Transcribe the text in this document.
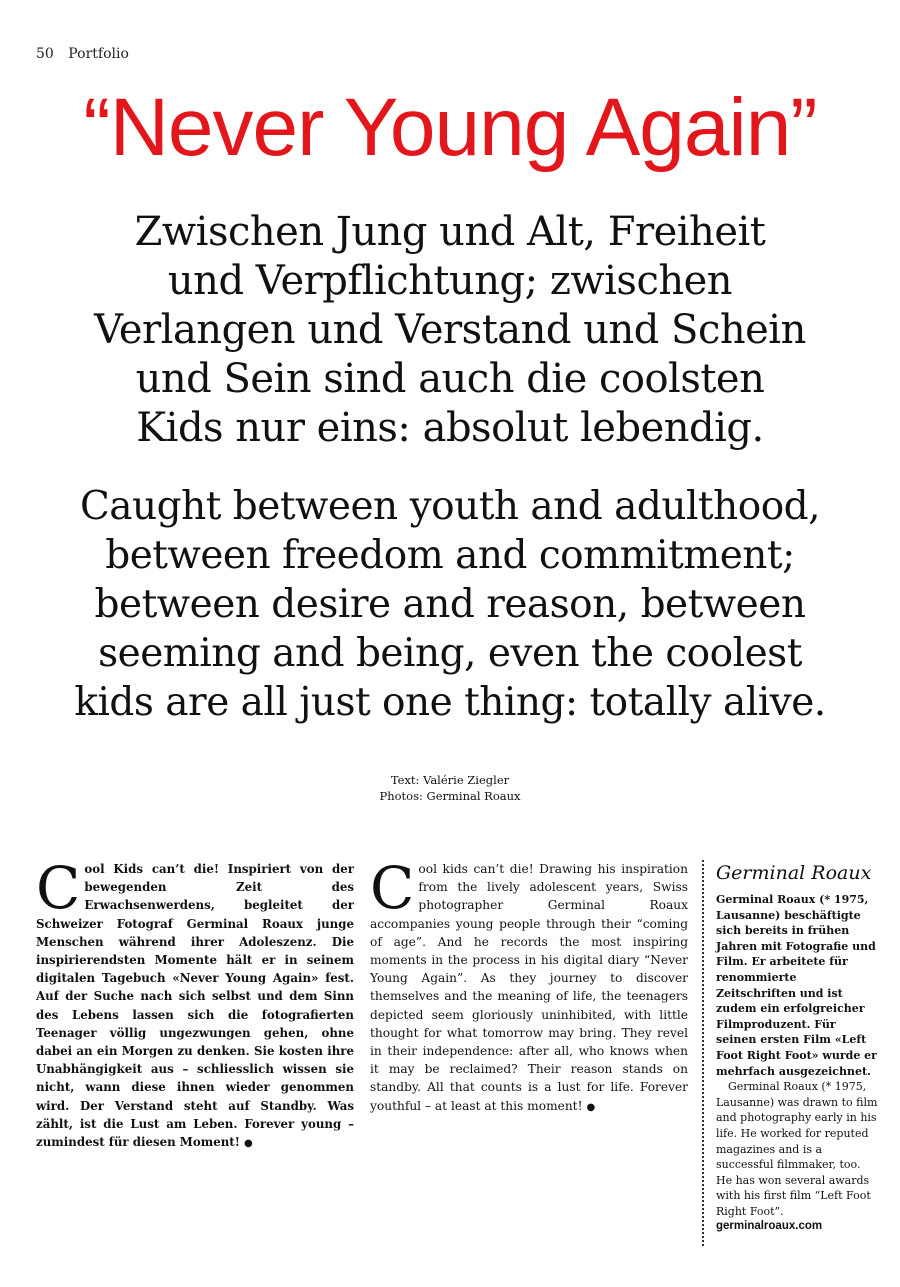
50 Portfolio
“Never Young Again”
Zwischen Jung und Alt, Freiheit
und Verpflichtung; zwischen
Verlangen und Verstand und Schein
und Sein sind auch die coolsten
Kids nur eins: absolut lebendig.
Caught between youth and adulthood,
between freedom and commitment;
between desire and reason, between
seeming and being, even the coolest
kids are all just one thing: totally alive.
Text: Valérie Ziegler
Photos: Germinal Roaux
Cool Kids can’t die! Inspiriert von der bewegenden Zeit des Erwachsenwerdens, begleitet der Schweizer Fotograf Germinal Roaux junge Menschen während ihrer Adoleszenz. Die inspirierendsten Momente hält er in seinem digitalen Tagebuch «Never Young Again» fest. Auf der Suche nach sich selbst und dem Sinn des Lebens lassen sich die fotografierten Teenager völlig ungezwungen gehen, ohne dabei an ein Morgen zu denken. Sie kosten ihre Unabhängigkeit aus – schliesslich wissen sie nicht, wann diese ihnen wieder genommen wird. Der Verstand steht auf Standby. Was zählt, ist die Lust am Leben. Forever young – zumindest für diesen Moment! ●
Cool kids can’t die! Drawing his inspiration from the lively adolescent years, Swiss photographer Germinal Roaux accompanies young people through their “coming of age”. And he records the most inspiring moments in the process in his digital diary “Never Young Again”. As they journey to discover themselves and the meaning of life, the teenagers depicted seem gloriously uninhibited, with little thought for what tomorrow may bring. They revel in their independence: after all, who knows when it may be reclaimed? Their reason stands on standby. All that counts is a lust for life. Forever youthful – at least at this moment! ●
Germinal Roaux
Germinal Roaux (* 1975, Lausanne) beschäftigte sich bereits in frühen Jahren mit Fotografie und Film. Er arbeitete für renommierte Zeitschriften und ist zudem ein erfolgreicher Filmproduzent. Für seinen ersten Film «Left Foot Right Foot» wurde er mehrfach ausgezeichnet.
Germinal Roaux (* 1975, Lausanne) was drawn to film and photography early in his life. He worked for reputed magazines and is a successful filmmaker, too. He has won several awards with his first film “Left Foot Right Foot”.
germinalroaux.com
